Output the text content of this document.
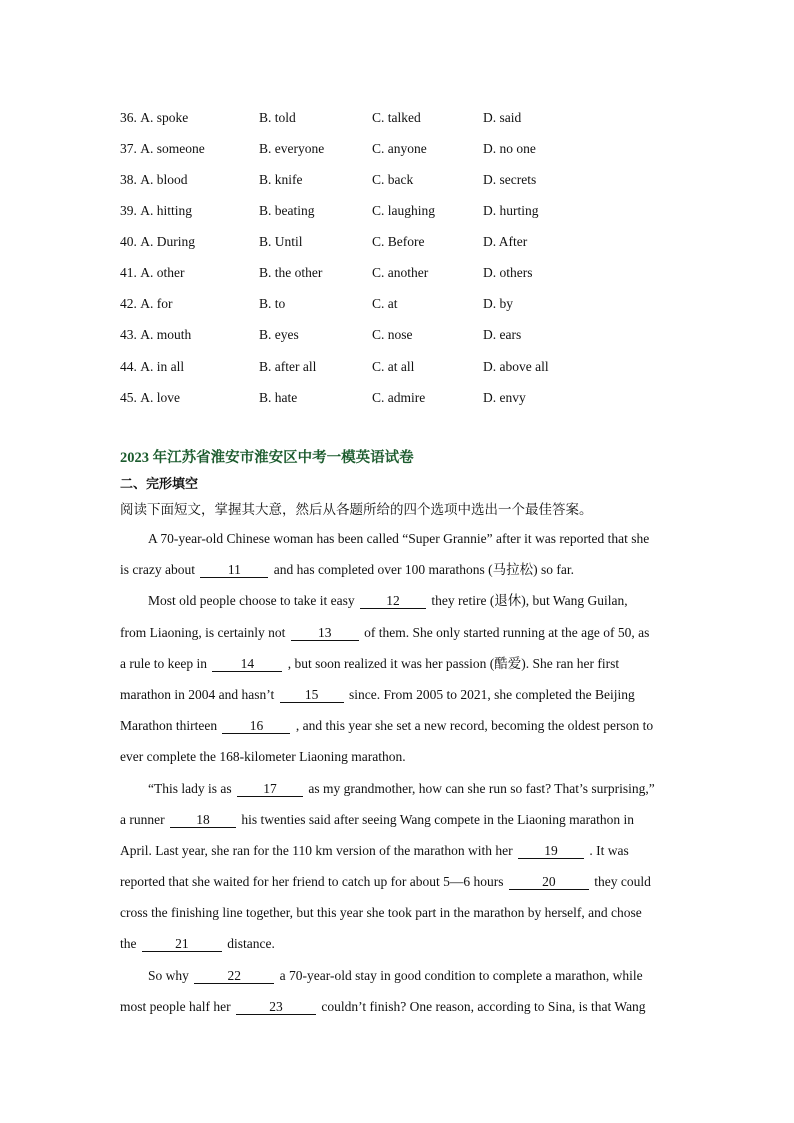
36. A. spoke	B. told	C. talked	D. said
37. A. someone	B. everyone	C. anyone	D. no one
38. A. blood	B. knife	C. back	D. secrets
39. A. hitting	B. beating	C. laughing	D. hurting
40. A. During	B. Until	C. Before	D. After
41. A. other	B. the other	C. another	D. others
42. A. for	B. to	C. at	D. by
43. A. mouth	B. eyes	C. nose	D. ears
44. A. in all	B. after all	C. at all	D. above all
45. A. love	B. hate	C. admire	D. envy
2023 年江苏省淮安市淮安区中考一模英语试卷
二、完形填空
阅读下面短文，掌握其大意，然后从各题所给的四个选项中选出一个最佳答案。
A 70-year-old Chinese woman has been called “Super Grannie” after it was reported that she
is crazy about 11 and has completed over 100 marathons (马拉松) so far.
Most old people choose to take it easy 12 they retire (退休), but Wang Guilan,
from Liaoning, is certainly not 13 of them. She only started running at the age of 50, as
a rule to keep in 14 , but soon realized it was her passion (酷爱). She ran her first
marathon in 2004 and hasn’t 15 since. From 2005 to 2021, she completed the Beijing
Marathon thirteen 16 , and this year she set a new record, becoming the oldest person to
ever complete the 168-kilometer Liaoning marathon.
“This lady is as 17 as my grandmother, how can she run so fast? That’s surprising,”
a runner 18 his twenties said after seeing Wang compete in the Liaoning marathon in
April. Last year, she ran for the 110 km version of the marathon with her 19 . It was
reported that she waited for her friend to catch up for about 5—6 hours	20	they could
cross the finishing line together, but this year she took part in the marathon by herself, and chose
the	21	distance.
So why	22	a 70-year-old stay in good condition to complete a marathon, while
most people half her	23	couldn’t finish? One reason, according to Sina, is that Wang
